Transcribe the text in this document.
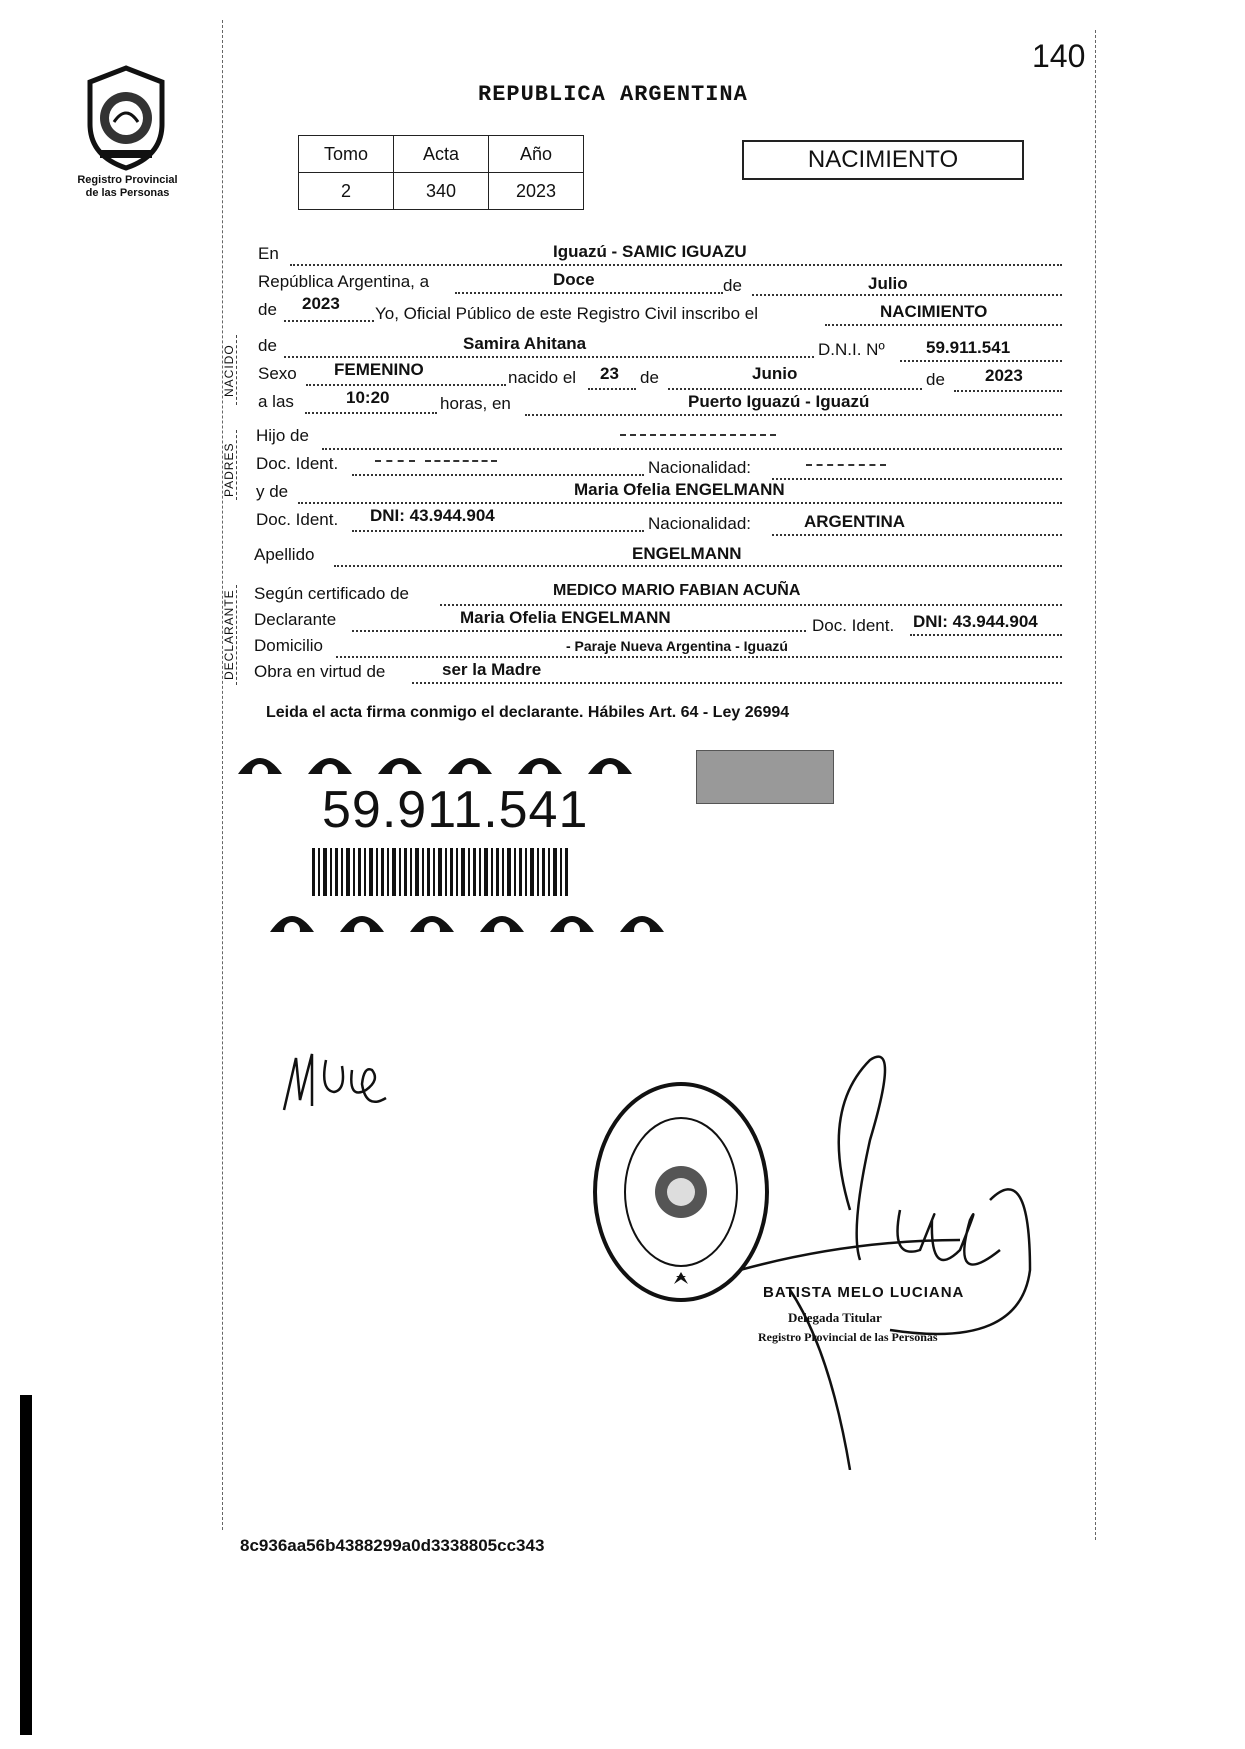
140
Registro Provincial
de las Personas
REPUBLICA ARGENTINA
Tomo	Acta	Año
2	340	2023
NACIMIENTO
NACIDO
PADRES
DECLARANTE
En	Iguazú - SAMIC IGUAZU
República Argentina, a	Doce	de	Julio
de 2023
Yo, Oficial Público de este Registro Civil inscribo el	NACIMIENTO
de	Samira Ahitana	D.N.I. Nº 59.911.541
Sexo FEMENINO	nacido el 23 de	Junio	de 2023
a las	10:20	horas, en	Puerto Iguazú - Iguazú
Hijo de
Doc. Ident.	Nacionalidad:
y de	Maria Ofelia ENGELMANN
Doc. Ident. DNI: 43.944.904	Nacionalidad:	ARGENTINA
Apellido	ENGELMANN
Según certificado de	MEDICO MARIO FABIAN ACUÑA
Declarante	Maria Ofelia ENGELMANN	Doc. Ident. DNI: 43.944.904
Domicilio	- Paraje Nueva Argentina - Iguazú
Obra en virtud de	ser la Madre
Leida el acta firma conmigo el declarante. Hábiles Art. 64 - Ley 26994
59.911.541
BATISTA MELO LUCIANA
Delegada Titular
Registro Provincial de las Personas
8c936aa56b4388299a0d3338805cc343
